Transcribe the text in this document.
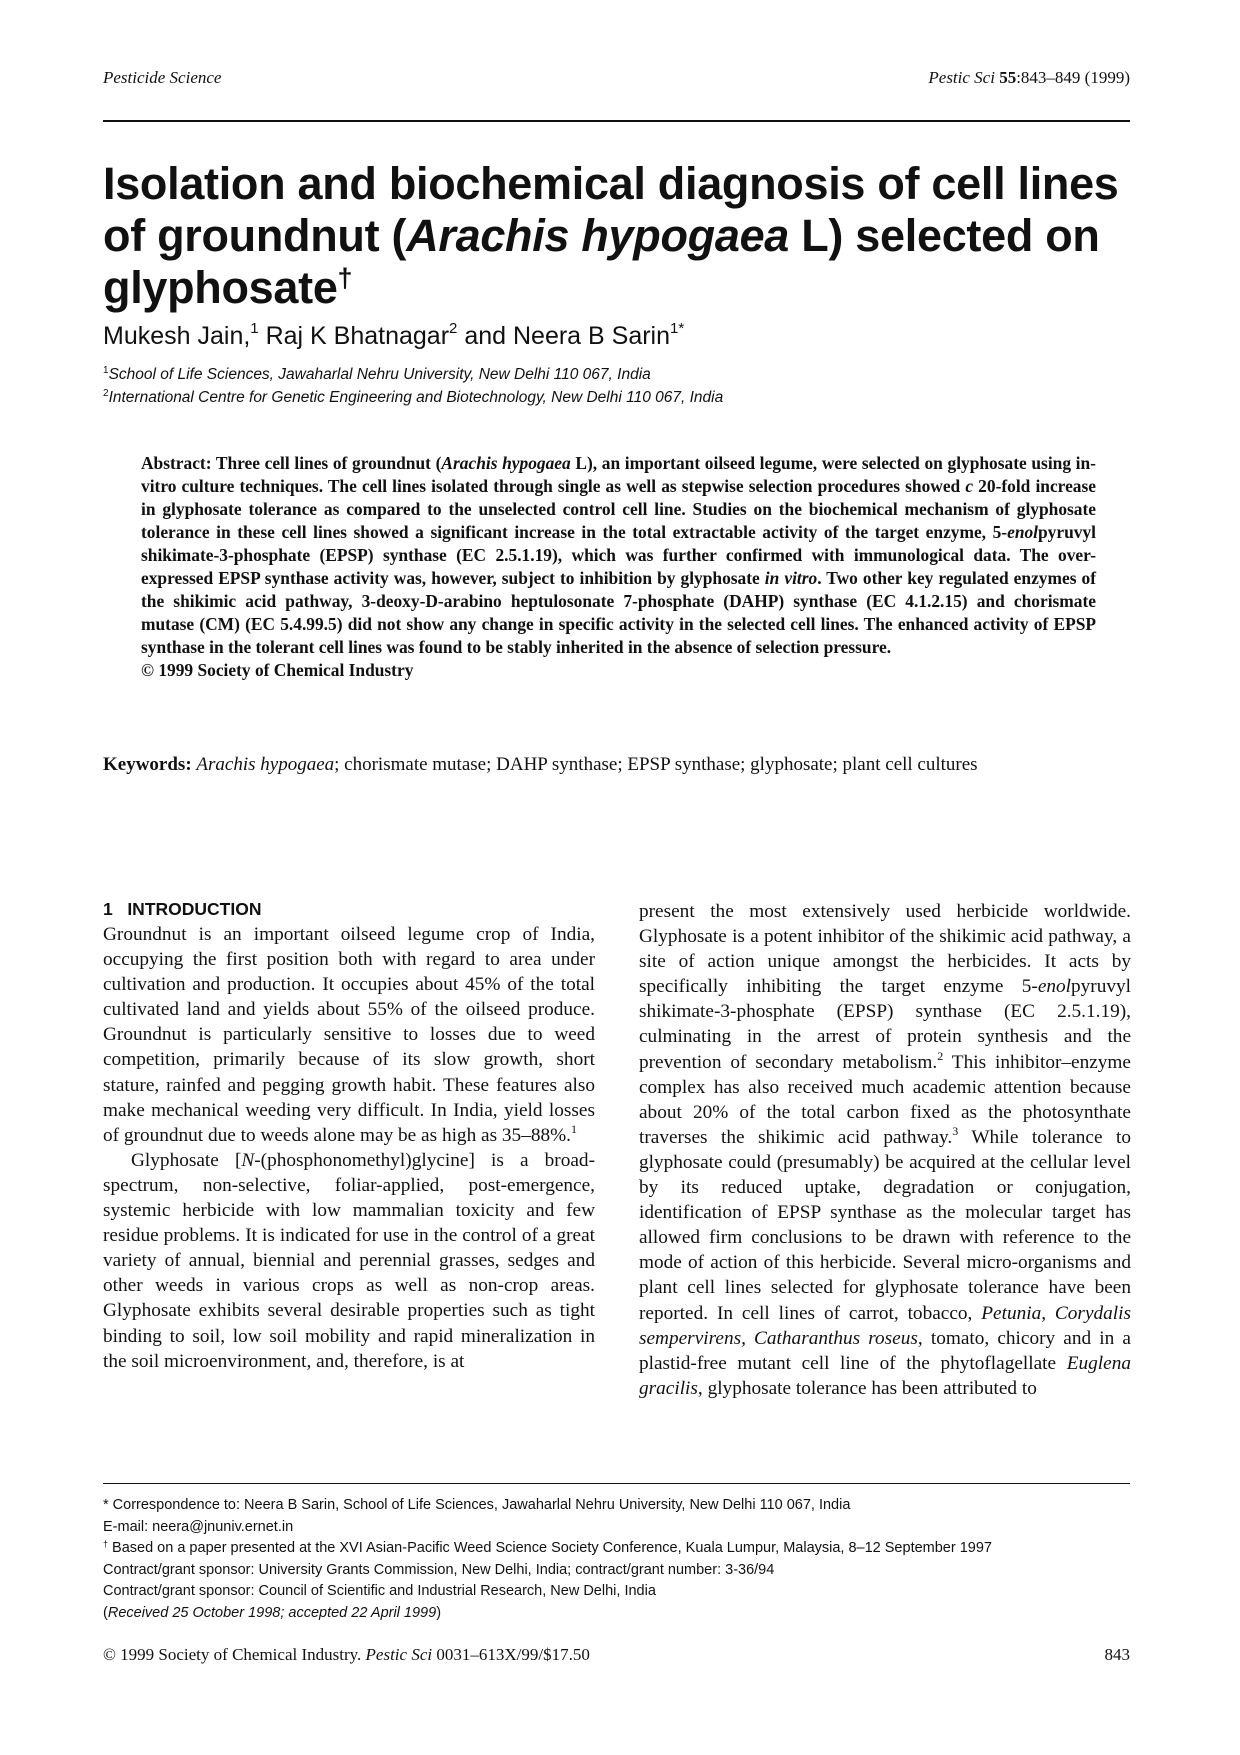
Pesticide Science	Pestic Sci 55:843–849 (1999)
Isolation and biochemical diagnosis of cell lines of groundnut (Arachis hypogaea L) selected on glyphosate†
Mukesh Jain,$^1$ Raj K Bhatnagar$^2$ and Neera B Sarin$^{1*}$
$^1$School of Life Sciences, Jawaharlal Nehru University, New Delhi 110 067, India
$^2$International Centre for Genetic Engineering and Biotechnology, New Delhi 110 067, India

Abstract: Three cell lines of groundnut (Arachis hypogaea L), an important oilseed legume, were selected on glyphosate using in-vitro culture techniques. The cell lines isolated through single as well as stepwise selection procedures showed c 20-fold increase in glyphosate tolerance as compared to the unselected control cell line. Studies on the biochemical mechanism of glyphosate tolerance in these cell lines showed a significant increase in the total extractable activity of the target enzyme, 5-enolpyruvyl shikimate-3-phosphate (EPSP) synthase (EC 2.5.1.19), which was further confirmed with immunological data. The over-expressed EPSP synthase activity was, however, subject to inhibition by glyphosate in vitro. Two other key regulated enzymes of the shikimic acid pathway, 3-deoxy-D-arabino heptulosonate 7-phosphate (DAHP) synthase (EC 4.1.2.15) and chorismate mutase (CM) (EC 5.4.99.5) did not show any change in specific activity in the selected cell lines. The enhanced activity of EPSP synthase in the tolerant cell lines was found to be stably inherited in the absence of selection pressure.
© 1999 Society of Chemical Industry

Keywords: Arachis hypogaea; chorismate mutase; DAHP synthase; EPSP synthase; glyphosate; plant cell cultures

1   INTRODUCTION

Groundnut is an important oilseed legume crop of India, occupying the first position both with regard to area under cultivation and production. It occupies about 45% of the total cultivated land and yields about 55% of the oilseed produce. Groundnut is particularly sensitive to losses due to weed competition, primarily because of its slow growth, short stature, rainfed and pegging growth habit. These features also make mechanical weeding very difficult. In India, yield losses of groundnut due to weeds alone may be as high as 35–88%.$^1$

Glyphosate [N-(phosphonomethyl)glycine] is a broad-spectrum, non-selective, foliar-applied, post-emergence, systemic herbicide with low mammalian toxicity and few residue problems. It is indicated for use in the control of a great variety of annual, biennial and perennial grasses, sedges and other weeds in various crops as well as non-crop areas. Glyphosate exhibits several desirable properties such as tight binding to soil, low soil mobility and rapid mineralization in the soil microenvironment, and, therefore, is at

present the most extensively used herbicide worldwide. Glyphosate is a potent inhibitor of the shikimic acid pathway, a site of action unique amongst the herbicides. It acts by specifically inhibiting the target enzyme 5-enolpyruvyl shikimate-3-phosphate (EPSP) synthase (EC 2.5.1.19), culminating in the arrest of protein synthesis and the prevention of secondary metabolism.$^2$ This inhibitor–enzyme complex has also received much academic attention because about 20% of the total carbon fixed as the photosynthate traverses the shikimic acid pathway.$^3$ While tolerance to glyphosate could (presumably) be acquired at the cellular level by its reduced uptake, degradation or conjugation, identification of EPSP synthase as the molecular target has allowed firm conclusions to be drawn with reference to the mode of action of this herbicide. Several micro-organisms and plant cell lines selected for glyphosate tolerance have been reported. In cell lines of carrot, tobacco, Petunia, Corydalis sempervirens, Catharanthus roseus, tomato, chicory and in a plastid-free mutant cell line of the phytoflagellate Euglena gracilis, glyphosate tolerance has been attributed to

* Correspondence to: Neera B Sarin, School of Life Sciences, Jawaharlal Nehru University, New Delhi 110 067, India
E-mail: neera@jnuniv.ernet.in
† Based on a paper presented at the XVI Asian-Pacific Weed Science Society Conference, Kuala Lumpur, Malaysia, 8–12 September 1997
Contract/grant sponsor: University Grants Commission, New Delhi, India; contract/grant number: 3-36/94
Contract/grant sponsor: Council of Scientific and Industrial Research, New Delhi, India
(Received 25 October 1998; accepted 22 April 1999)
© 1999 Society of Chemical Industry. Pestic Sci 0031–613X/99/$17.50	843
